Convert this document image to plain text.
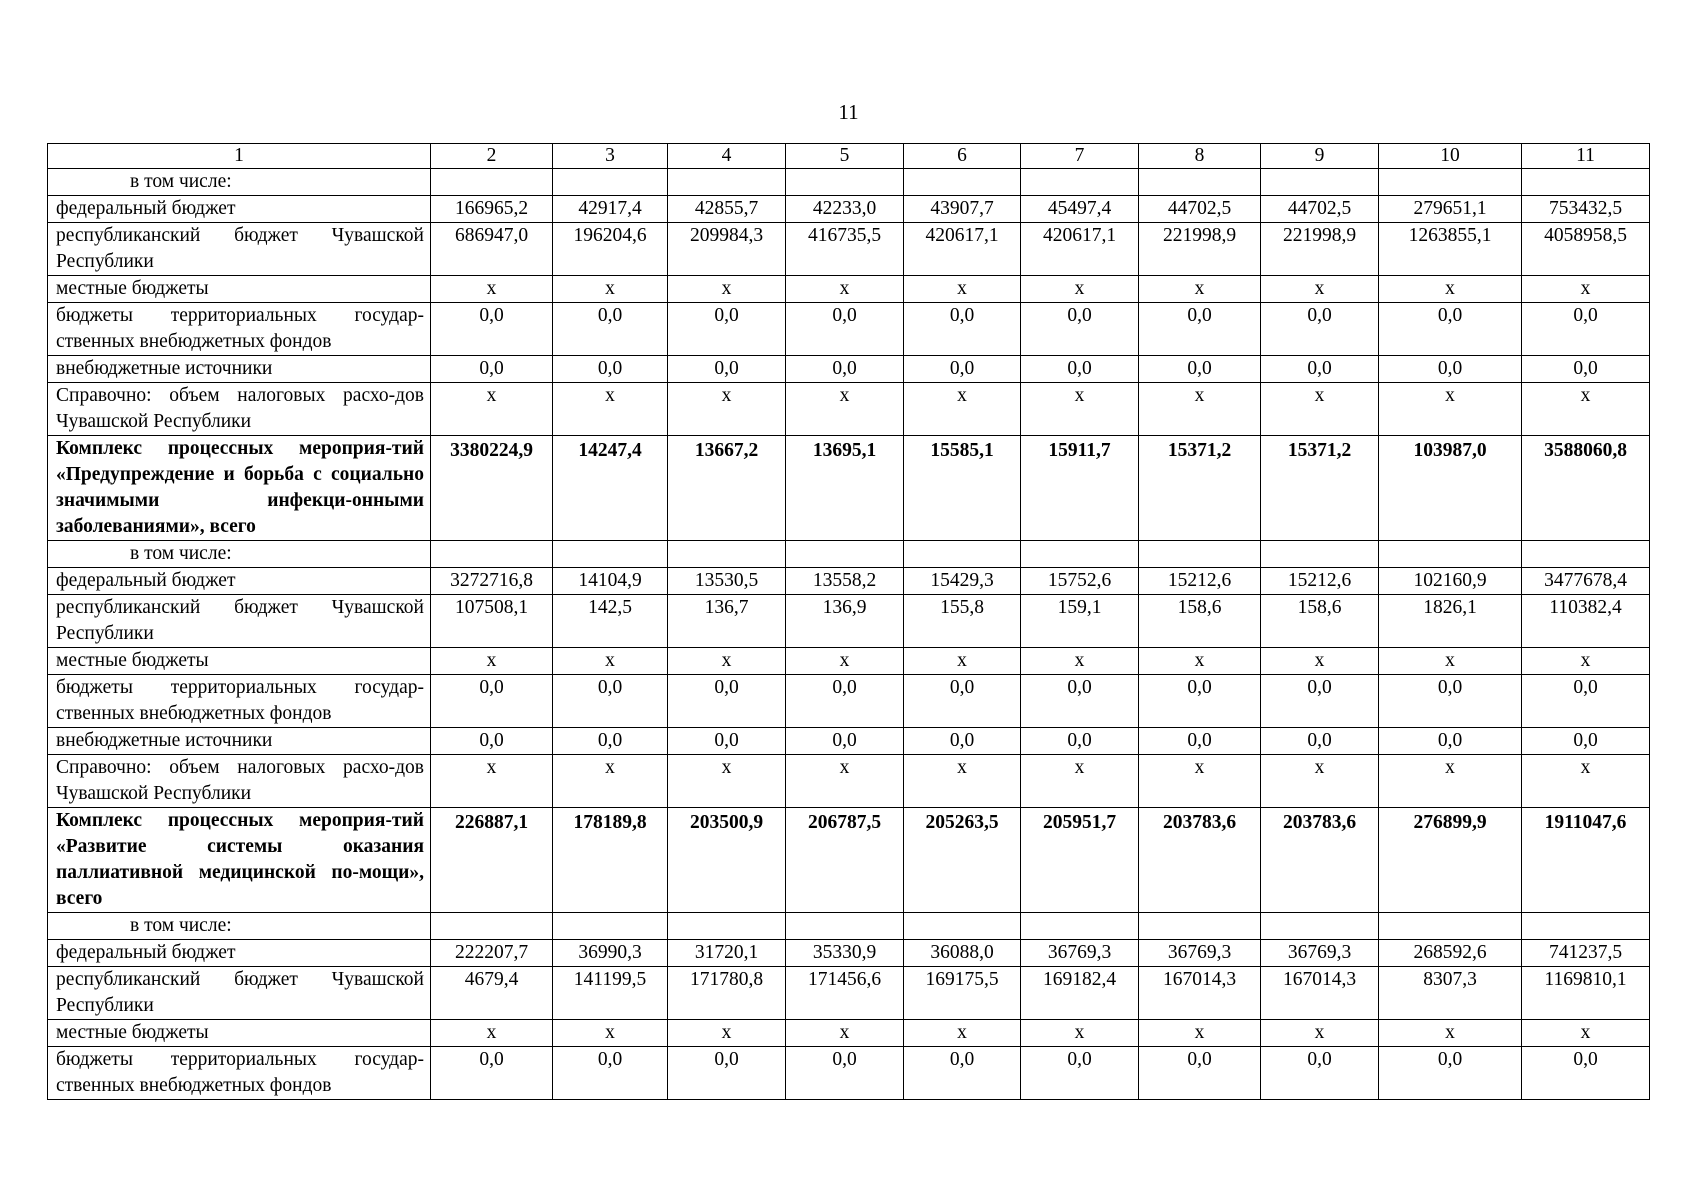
11
1	2	3	4	5	6	7	8	9	10	11
в том числе:										
федеральный бюджет	166965,2	42917,4	42855,7	42233,0	43907,7	45497,4	44702,5	44702,5	279651,1	753432,5
республиканский бюджет Чувашской Республики	686947,0	196204,6	209984,3	416735,5	420617,1	420617,1	221998,9	221998,9	1263855,1	4058958,5
местные бюджеты	x	x	x	x	x	x	x	x	x	x
бюджеты территориальных государ-ственных внебюджетных фондов	0,0	0,0	0,0	0,0	0,0	0,0	0,0	0,0	0,0	0,0
внебюджетные источники	0,0	0,0	0,0	0,0	0,0	0,0	0,0	0,0	0,0	0,0
Справочно: объем налоговых расхо-дов Чувашской Республики	x	x	x	x	x	x	x	x	x	x
Комплекс процессных мероприя-тий «Предупреждение и борьба с социально значимыми инфекци-онными заболеваниями», всего	3380224,9	14247,4	13667,2	13695,1	15585,1	15911,7	15371,2	15371,2	103987,0	3588060,8
в том числе:										
федеральный бюджет	3272716,8	14104,9	13530,5	13558,2	15429,3	15752,6	15212,6	15212,6	102160,9	3477678,4
республиканский бюджет Чувашской Республики	107508,1	142,5	136,7	136,9	155,8	159,1	158,6	158,6	1826,1	110382,4
местные бюджеты	x	x	x	x	x	x	x	x	x	x
бюджеты территориальных государ-ственных внебюджетных фондов	0,0	0,0	0,0	0,0	0,0	0,0	0,0	0,0	0,0	0,0
внебюджетные источники	0,0	0,0	0,0	0,0	0,0	0,0	0,0	0,0	0,0	0,0
Справочно: объем налоговых расхо-дов Чувашской Республики	x	x	x	x	x	x	x	x	x	x
Комплекс процессных мероприя-тий «Развитие системы оказания паллиативной медицинской по-мощи», всего	226887,1	178189,8	203500,9	206787,5	205263,5	205951,7	203783,6	203783,6	276899,9	1911047,6
в том числе:										
федеральный бюджет	222207,7	36990,3	31720,1	35330,9	36088,0	36769,3	36769,3	36769,3	268592,6	741237,5
республиканский бюджет Чувашской Республики	4679,4	141199,5	171780,8	171456,6	169175,5	169182,4	167014,3	167014,3	8307,3	1169810,1
местные бюджеты	x	x	x	x	x	x	x	x	x	x
бюджеты территориальных государ-ственных внебюджетных фондов	0,0	0,0	0,0	0,0	0,0	0,0	0,0	0,0	0,0	0,0
